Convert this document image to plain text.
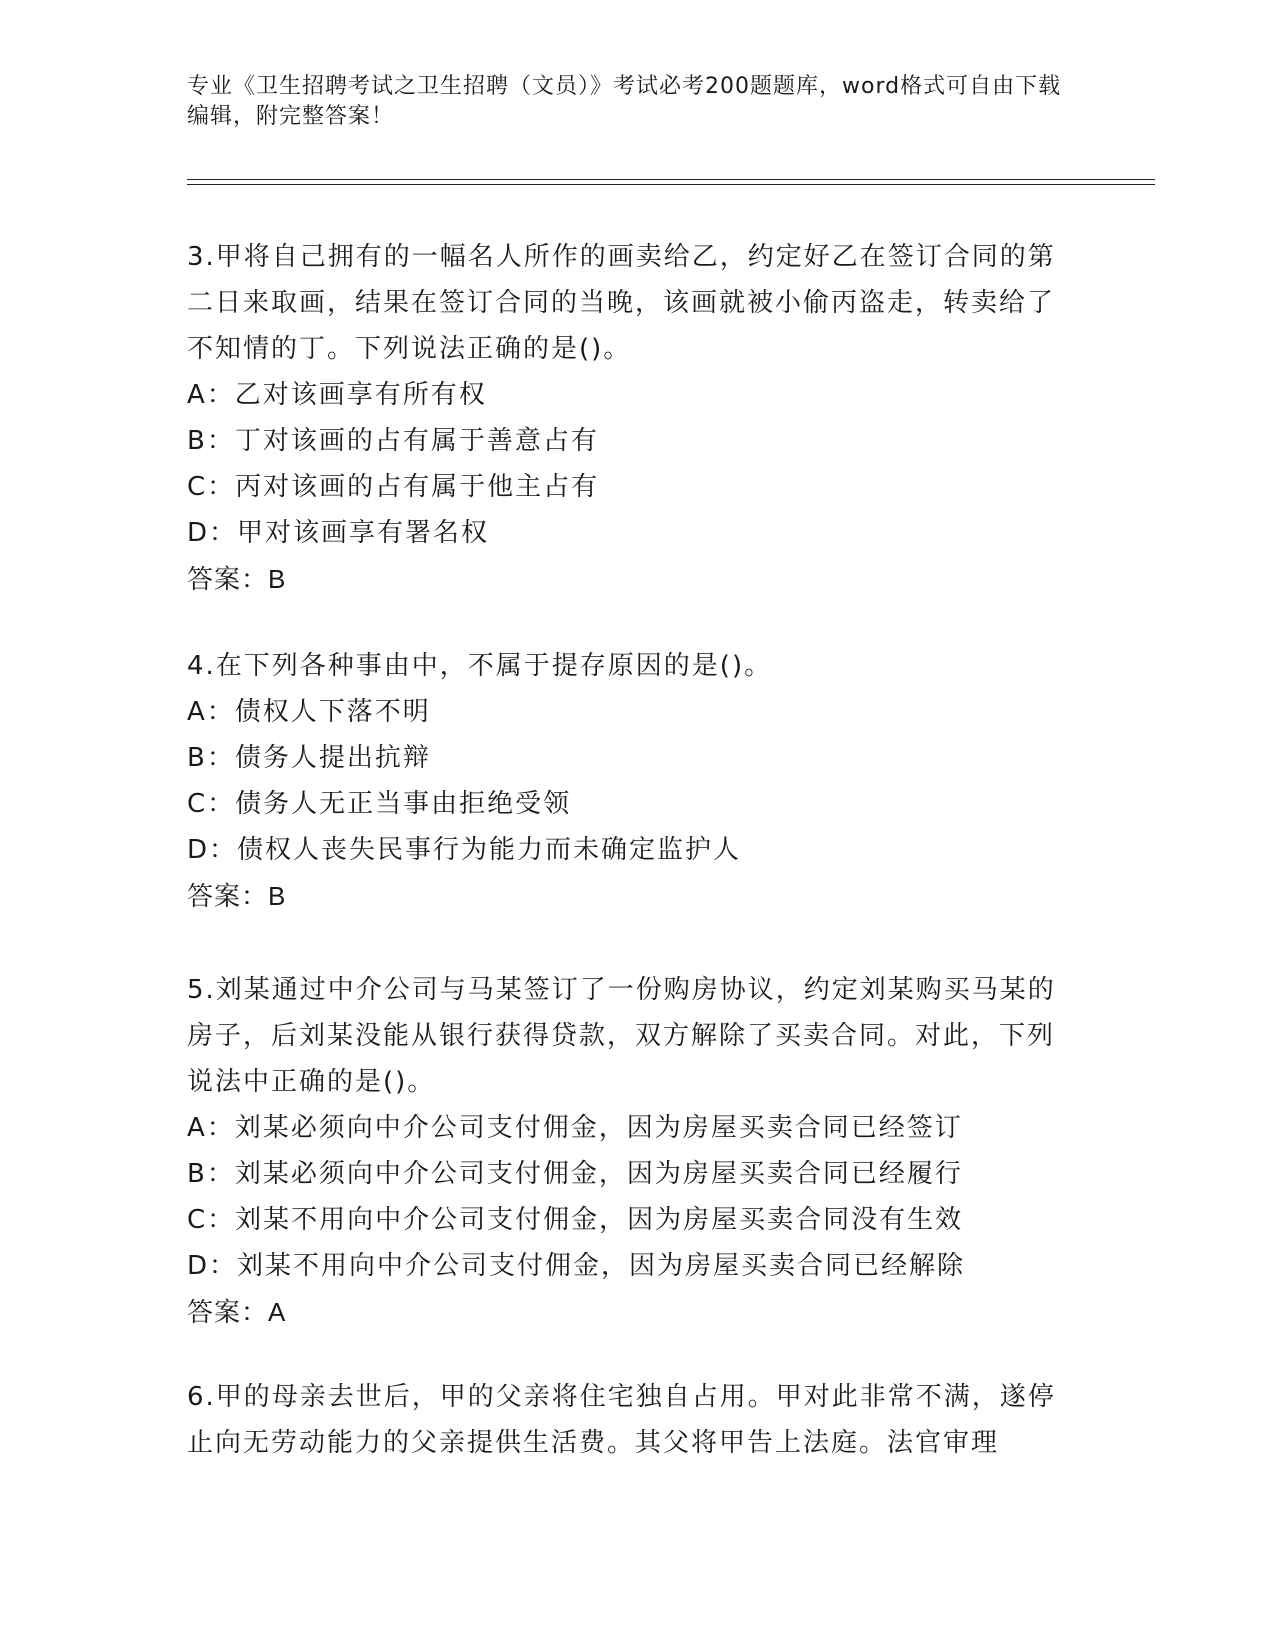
专业《卫生招聘考试之卫生招聘（文员）》考试必考200题题库，word格式可自由下载编辑，附完整答案！

3.甲将自己拥有的一幅名人所作的画卖给乙，约定好乙在签订合同的第二日来取画，结果在签订合同的当晚，该画就被小偷丙盗走，转卖给了不知情的丁。下列说法正确的是()。

A：乙对该画享有所有权

B：丁对该画的占有属于善意占有

C：丙对该画的占有属于他主占有

D：甲对该画享有署名权

答案：B

4.在下列各种事由中，不属于提存原因的是()。

A：债权人下落不明

B：债务人提出抗辩

C：债务人无正当事由拒绝受领

D：债权人丧失民事行为能力而未确定监护人

答案：B

5.刘某通过中介公司与马某签订了一份购房协议，约定刘某购买马某的房子，后刘某没能从银行获得贷款，双方解除了买卖合同。对此，下列说法中正确的是()。

A：刘某必须向中介公司支付佣金，因为房屋买卖合同已经签订

B：刘某必须向中介公司支付佣金，因为房屋买卖合同已经履行

C：刘某不用向中介公司支付佣金，因为房屋买卖合同没有生效

D：刘某不用向中介公司支付佣金，因为房屋买卖合同已经解除

答案：A

6.甲的母亲去世后，甲的父亲将住宅独自占用。甲对此非常不满，遂停止向无劳动能力的父亲提供生活费。其父将甲告上法庭。法官审理
